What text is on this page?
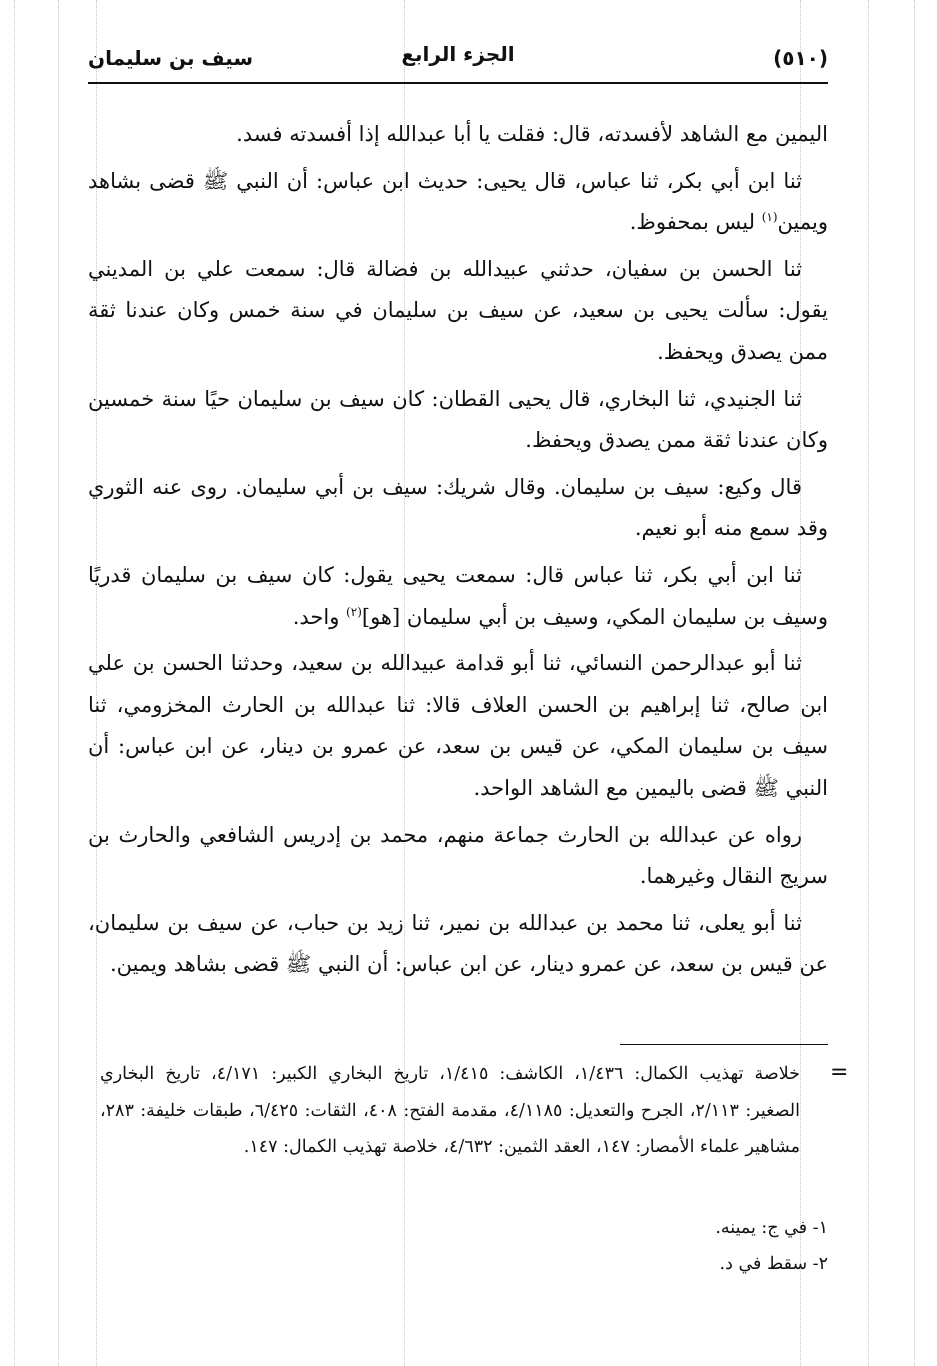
(٥١٠)
الجزء الرابع
سيف بن سليمان

اليمين مع الشاهد لأفسدته، قال: فقلت يا أبا عبدالله إذا أفسدته فسد.

ثنا ابن أبي بكر، ثنا عباس، قال يحيى: حديث ابن عباس: أن النبي ﷺ قضى بشاهد ويمين$^{(١)}$ ليس بمحفوظ.

ثنا الحسن بن سفيان، حدثني عبيدالله بن فضالة قال: سمعت علي بن المديني يقول: سألت يحيى بن سعيد، عن سيف بن سليمان في سنة خمس وكان عندنا ثقة ممن يصدق ويحفظ.

ثنا الجنيدي، ثنا البخاري، قال يحيى القطان: كان سيف بن سليمان حيًا سنة خمسين وكان عندنا ثقة ممن يصدق ويحفظ.

قال وكيع: سيف بن سليمان. وقال شريك: سيف بن أبي سليمان. روى عنه الثوري وقد سمع منه أبو نعيم.

ثنا ابن أبي بكر، ثنا عباس قال: سمعت يحيى يقول: كان سيف بن سليمان قدريًا وسيف بن سليمان المكي، وسيف بن أبي سليمان [هو]$^{(٢)}$ واحد.

ثنا أبو عبدالرحمن النسائي، ثنا أبو قدامة عبيدالله بن سعيد، وحدثنا الحسن بن علي ابن صالح، ثنا إبراهيم بن الحسن العلاف قالا: ثنا عبدالله بن الحارث المخزومي، ثنا سيف بن سليمان المكي، عن قيس بن سعد، عن عمرو بن دينار، عن ابن عباس: أن النبي ﷺ قضى باليمين مع الشاهد الواحد.

رواه عن عبدالله بن الحارث جماعة منهم، محمد بن إدريس الشافعي والحارث بن سريج النقال وغيرهما.

ثنا أبو يعلى، ثنا محمد بن عبدالله بن نمير، ثنا زيد بن حباب، عن سيف بن سليمان، عن قيس بن سعد، عن عمرو دينار، عن ابن عباس: أن النبي ﷺ قضى بشاهد ويمين.

=
خلاصة تهذيب الكمال: ١/٤٣٦، الكاشف: ١/٤١٥، تاريخ البخاري الكبير: ٤/١٧١، تاريخ البخاري الصغير: ٢/١١٣، الجرح والتعديل: ٤/١١٨٥، مقدمة الفتح: ٤٠٨، الثقات: ٦/٤٢٥، طبقات خليفة: ٢٨٣، مشاهير علماء الأمصار: ١٤٧، العقد الثمين: ٤/٦٣٢، خلاصة تهذيب الكمال: ١٤٧.
١- في ج: يمينه.
٢- سقط في د.
